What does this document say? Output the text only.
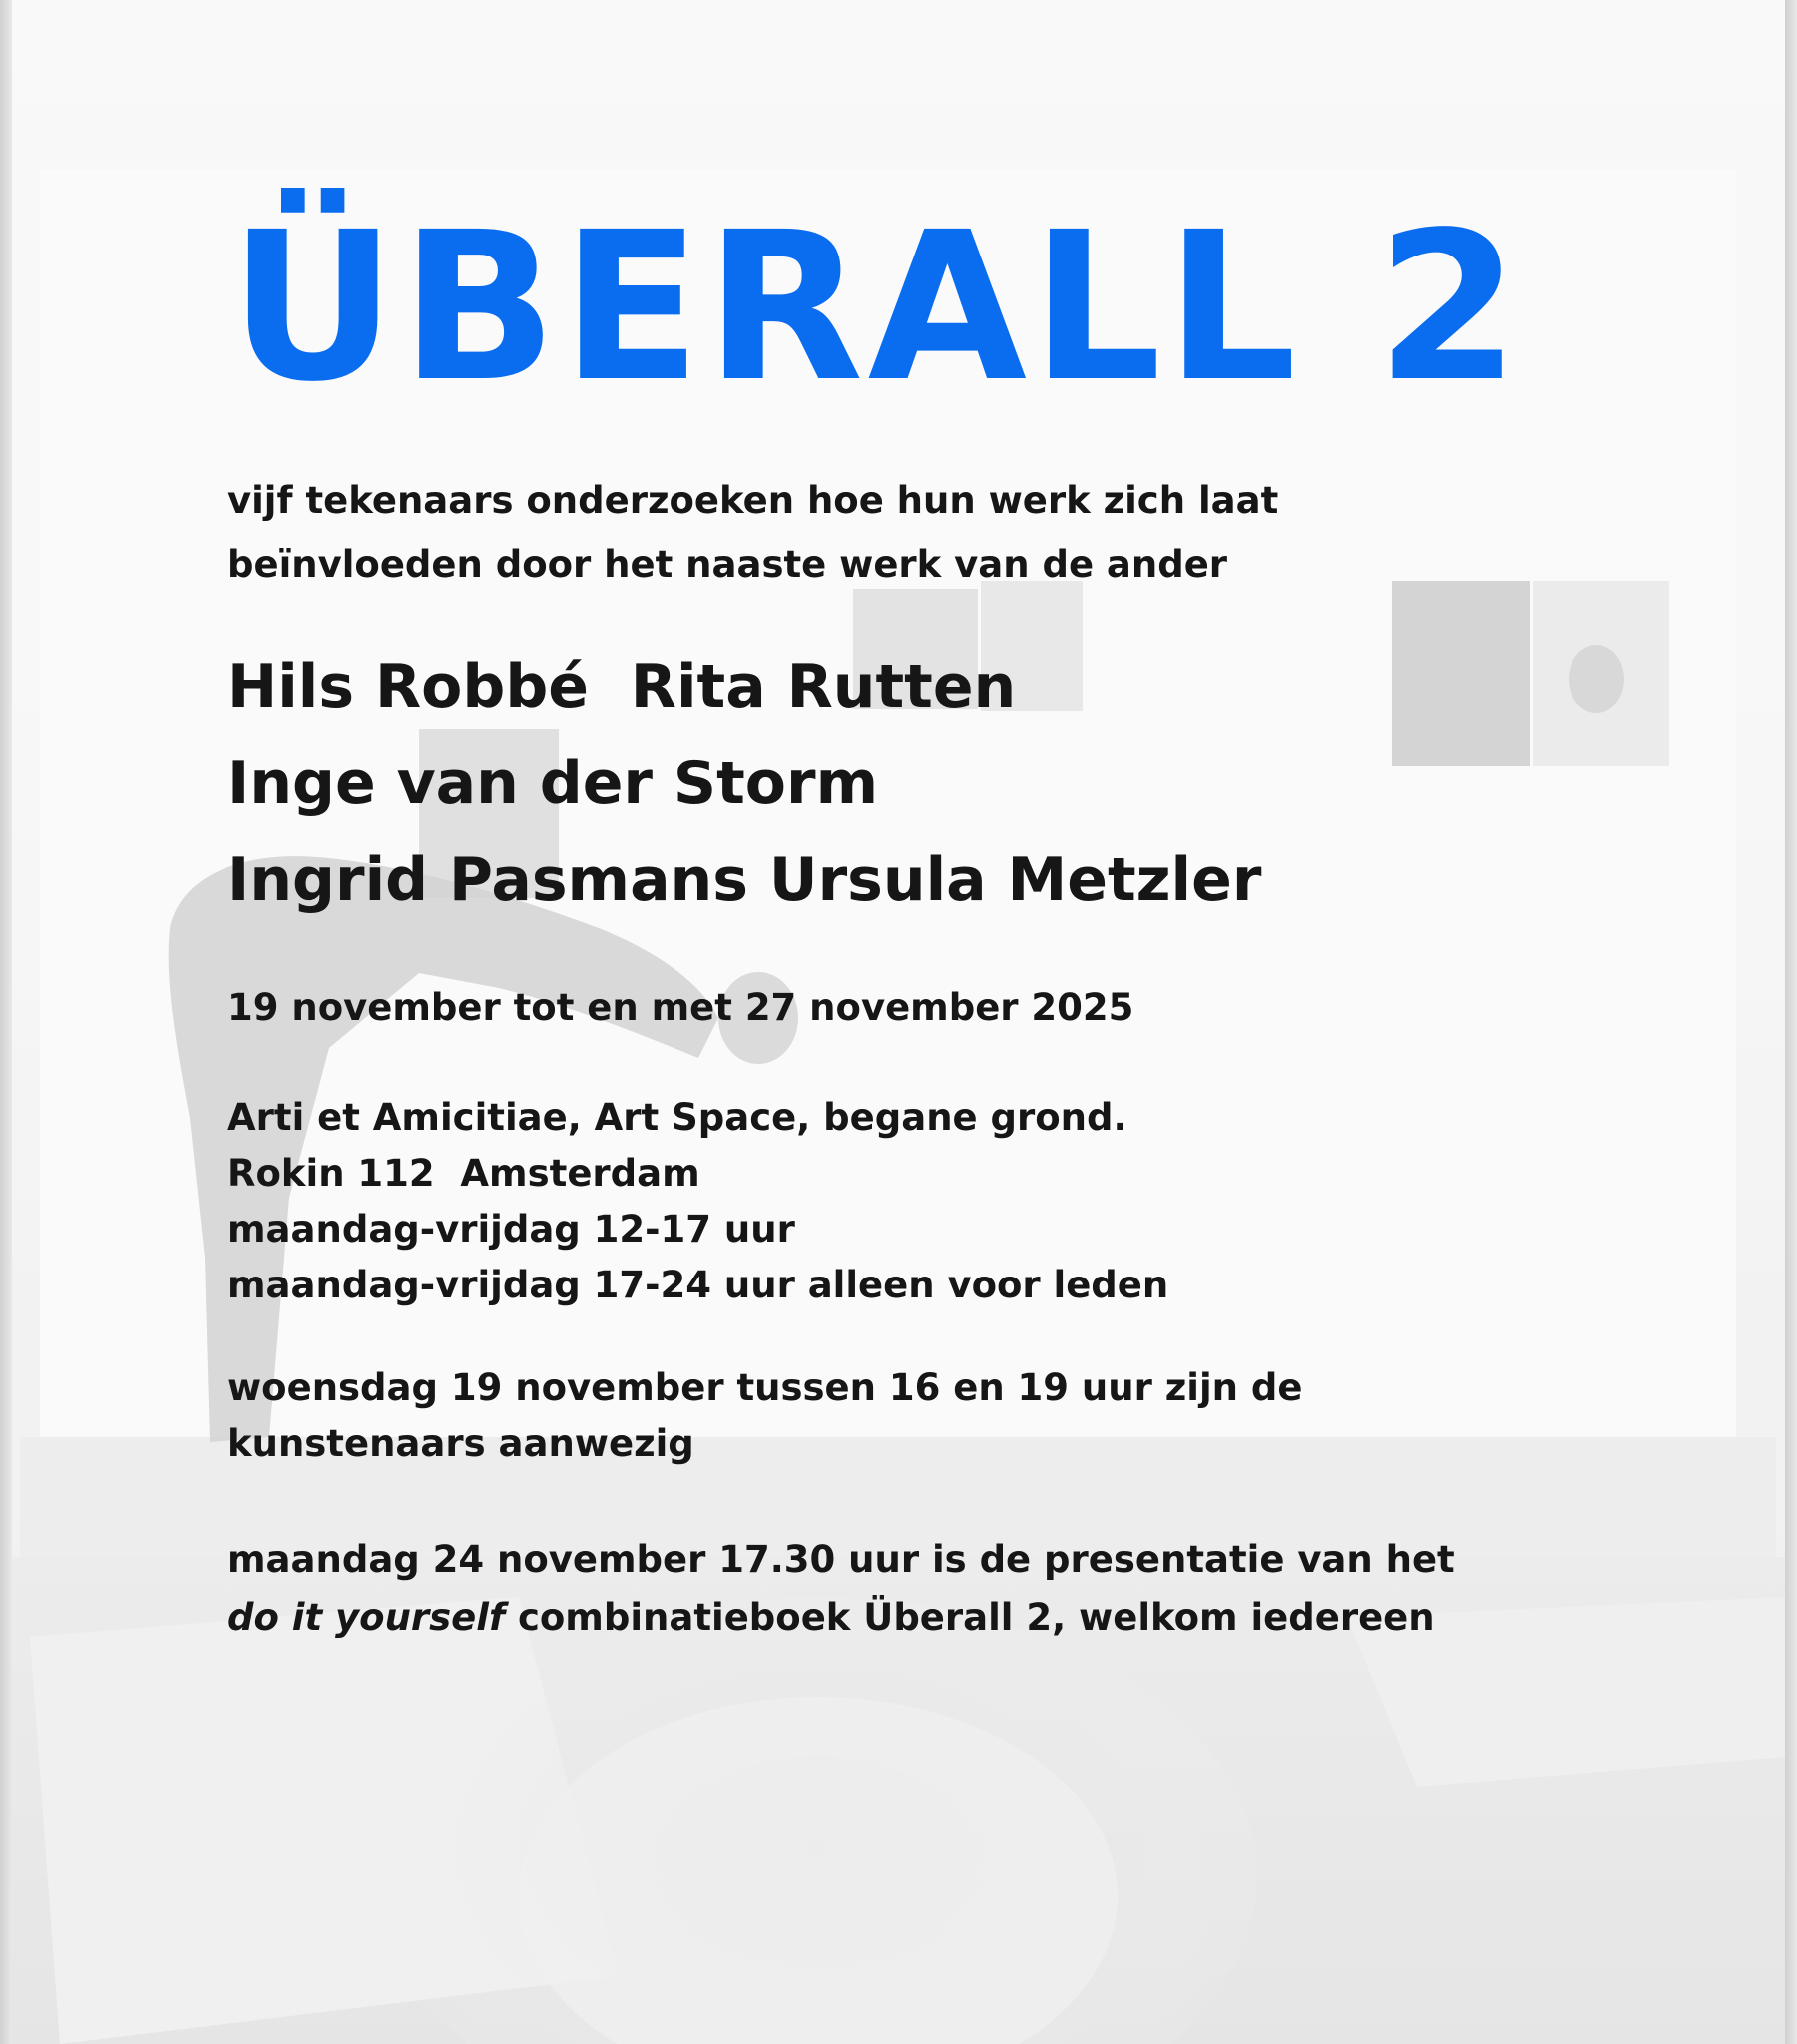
ÜBERALL 2

vijf tekenaars onderzoeken hoe hun werk zich laat
beïnvloeden door het naaste werk van de ander

Hils Robbé  Rita Rutten
Inge van der Storm
Ingrid Pasmans Ursula Metzler

19 november tot en met 27 november 2025

Arti et Amicitiae, Art Space, begane grond.
Rokin 112  Amsterdam
maandag-vrijdag 12-17 uur
maandag-vrijdag 17-24 uur alleen voor leden

woensdag 19 november tussen 16 en 19 uur zijn de
kunstenaars aanwezig

maandag 24 november 17.30 uur is de presentatie van het
do it yourself combinatieboek Überall 2, welkom iedereen
